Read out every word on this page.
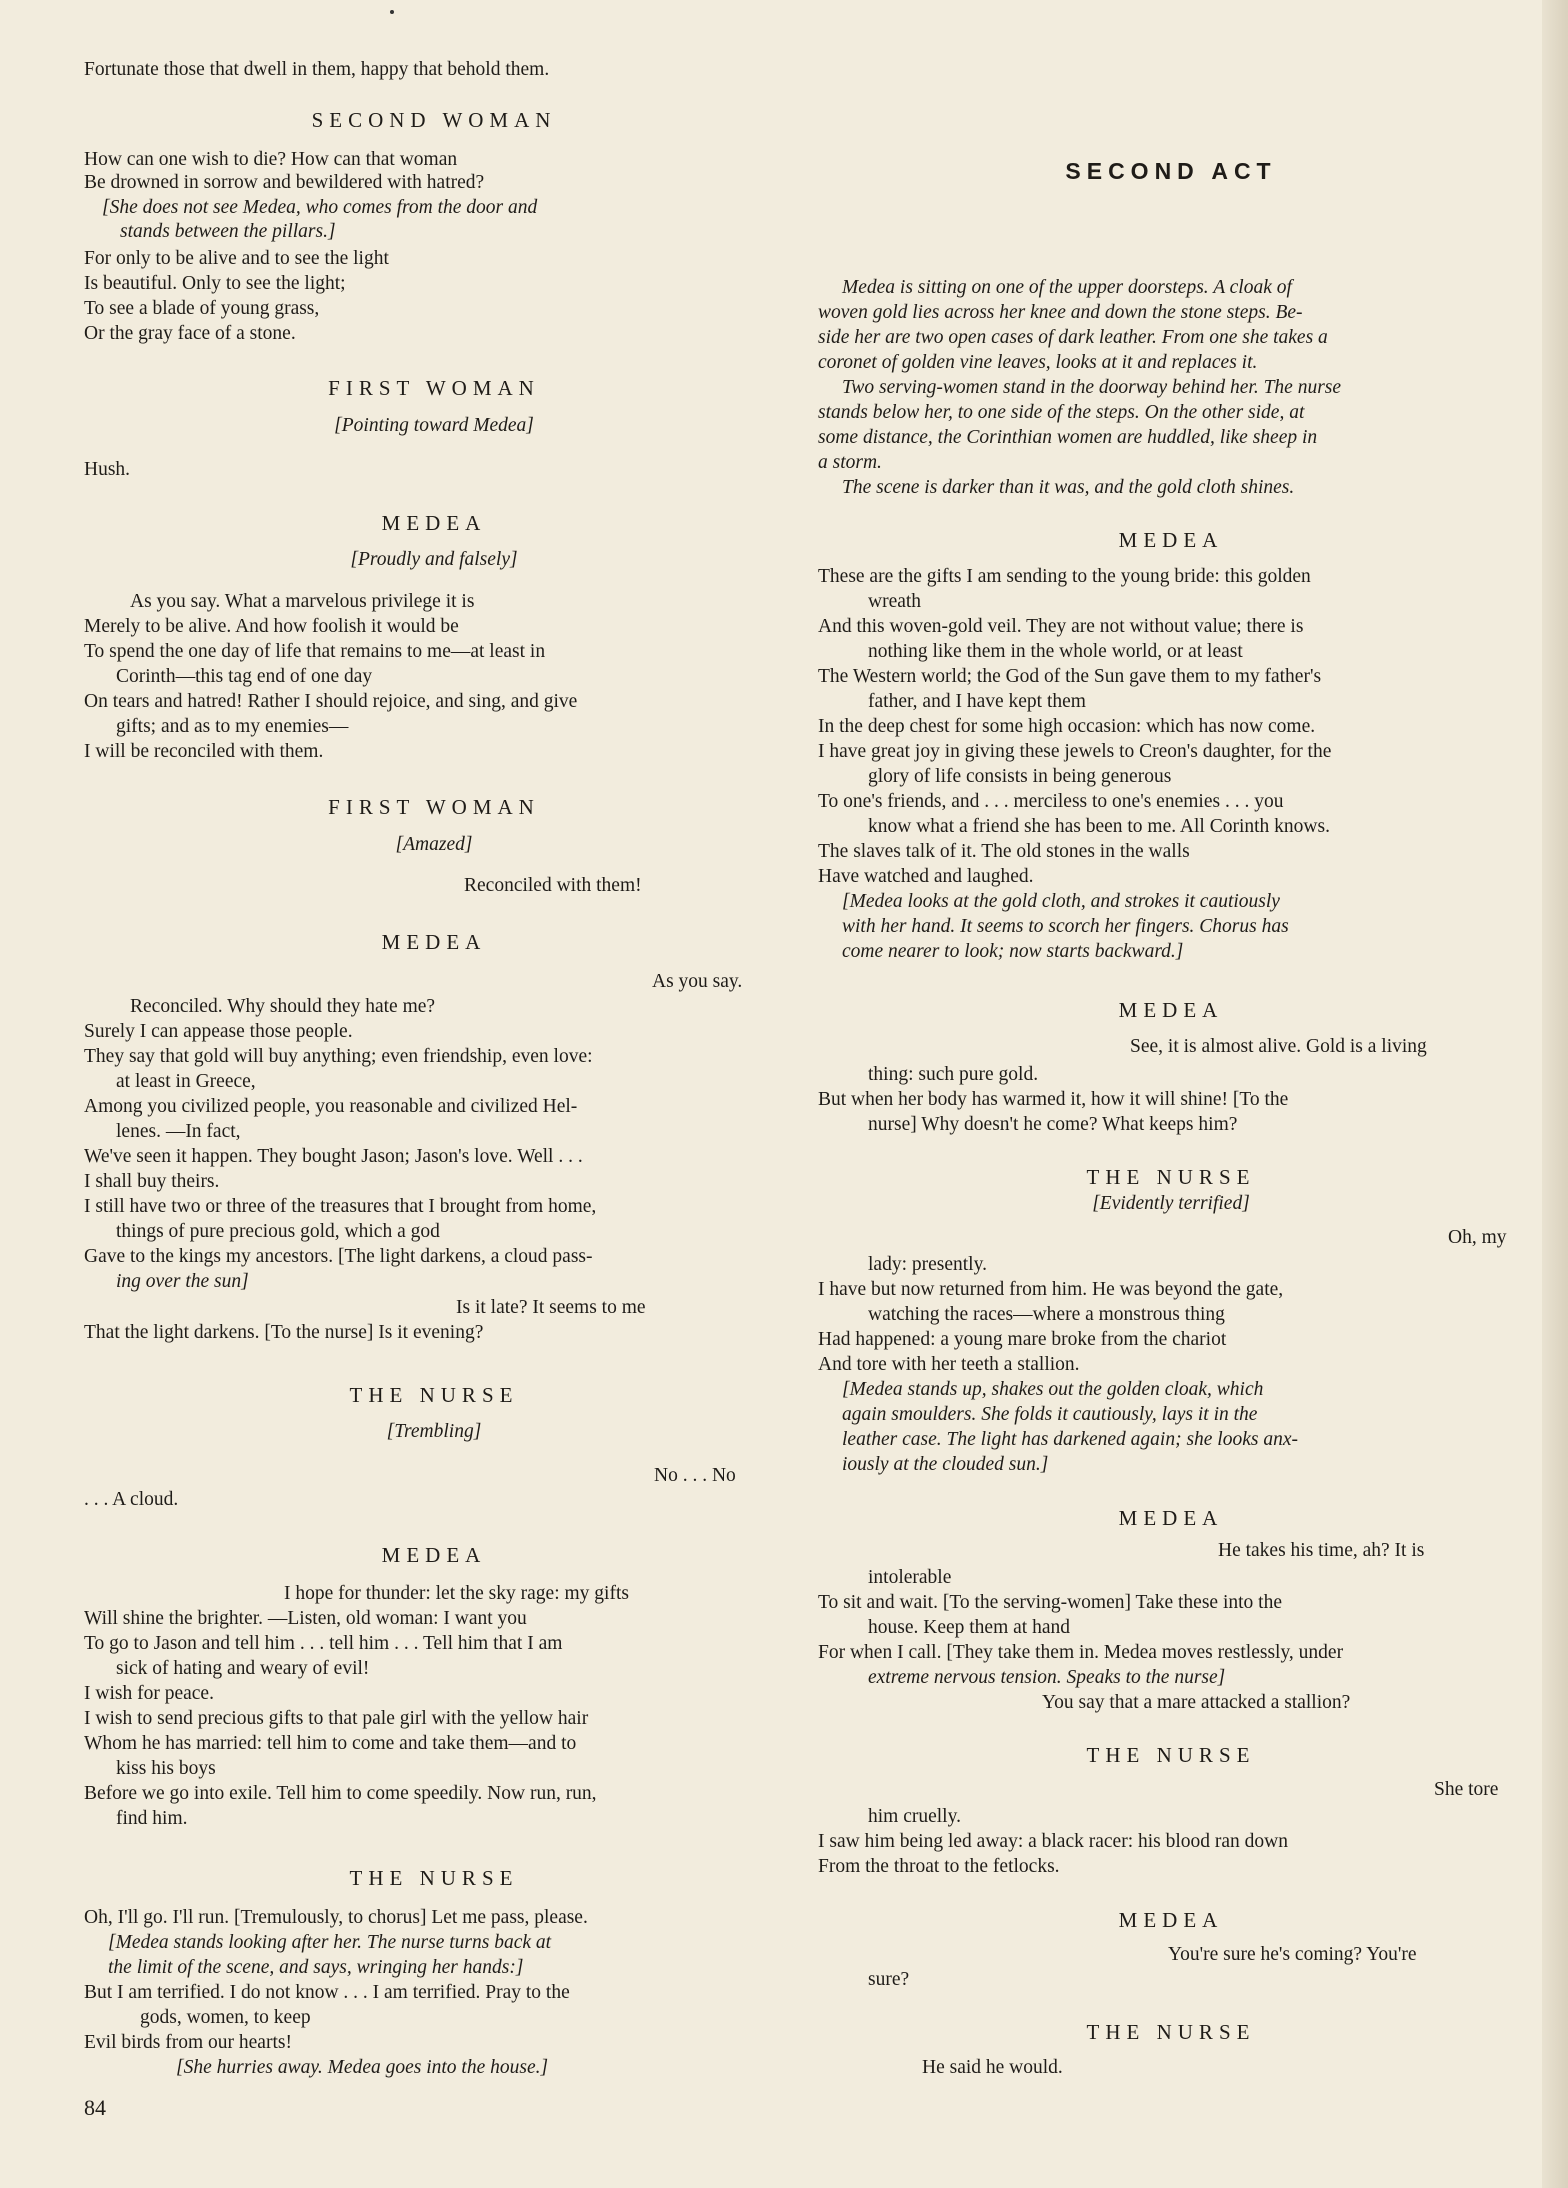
Fortunate those that dwell in them, happy that behold them.
SECOND WOMAN
How can one wish to die? How can that woman
Be drowned in sorrow and bewildered with hatred?
[She does not see Medea, who comes from the door and
stands between the pillars.]
For only to be alive and to see the light
Is beautiful. Only to see the light;
To see a blade of young grass,
Or the gray face of a stone.
FIRST WOMAN
[Pointing toward Medea]
Hush.
MEDEA
[Proudly and falsely]
As you say. What a marvelous privilege it is
Merely to be alive. And how foolish it would be
To spend the one day of life that remains to me—at least in
Corinth—this tag end of one day
On tears and hatred! Rather I should rejoice, and sing, and give
gifts; and as to my enemies—
I will be reconciled with them.
FIRST WOMAN
[Amazed]
Reconciled with them!
MEDEA
As you say.
Reconciled. Why should they hate me?
Surely I can appease those people.
They say that gold will buy anything; even friendship, even love:
at least in Greece,
Among you civilized people, you reasonable and civilized Hel-
lenes. —In fact,
We've seen it happen. They bought Jason; Jason's love. Well . . .
I shall buy theirs.
I still have two or three of the treasures that I brought from home,
things of pure precious gold, which a god
Gave to the kings my ancestors. [The light darkens, a cloud pass-
ing over the sun]
Is it late? It seems to me
That the light darkens. [To the nurse] Is it evening?
THE NURSE
[Trembling]
No . . . No
. . . A cloud.
MEDEA
I hope for thunder: let the sky rage: my gifts
Will shine the brighter. —Listen, old woman: I want you
To go to Jason and tell him . . . tell him . . . Tell him that I am
sick of hating and weary of evil!
I wish for peace.
I wish to send precious gifts to that pale girl with the yellow hair
Whom he has married: tell him to come and take them—and to
kiss his boys
Before we go into exile. Tell him to come speedily. Now run, run,
find him.
THE NURSE
Oh, I'll go. I'll run. [Tremulously, to chorus] Let me pass, please.
[Medea stands looking after her. The nurse turns back at
the limit of the scene, and says, wringing her hands:]
But I am terrified. I do not know . . . I am terrified. Pray to the
gods, women, to keep
Evil birds from our hearts!
[She hurries away. Medea goes into the house.]
SECOND ACT
Medea is sitting on one of the upper doorsteps. A cloak of
woven gold lies across her knee and down the stone steps. Be-
side her are two open cases of dark leather. From one she takes a
coronet of golden vine leaves, looks at it and replaces it.
Two serving-women stand in the doorway behind her. The nurse
stands below her, to one side of the steps. On the other side, at
some distance, the Corinthian women are huddled, like sheep in
a storm.
The scene is darker than it was, and the gold cloth shines.
MEDEA
These are the gifts I am sending to the young bride: this golden
wreath
And this woven-gold veil. They are not without value; there is
nothing like them in the whole world, or at least
The Western world; the God of the Sun gave them to my father's
father, and I have kept them
In the deep chest for some high occasion: which has now come.
I have great joy in giving these jewels to Creon's daughter, for the
glory of life consists in being generous
To one's friends, and . . . merciless to one's enemies . . . you
know what a friend she has been to me. All Corinth knows.
The slaves talk of it. The old stones in the walls
Have watched and laughed.
[Medea looks at the gold cloth, and strokes it cautiously
with her hand. It seems to scorch her fingers. Chorus has
come nearer to look; now starts backward.]
MEDEA
See, it is almost alive. Gold is a living
thing: such pure gold.
But when her body has warmed it, how it will shine! [To the
nurse] Why doesn't he come? What keeps him?
THE NURSE
[Evidently terrified]
Oh, my
lady: presently.
I have but now returned from him. He was beyond the gate,
watching the races—where a monstrous thing
Had happened: a young mare broke from the chariot
And tore with her teeth a stallion.
[Medea stands up, shakes out the golden cloak, which
again smoulders. She folds it cautiously, lays it in the
leather case. The light has darkened again; she looks anx-
iously at the clouded sun.]
MEDEA
He takes his time, ah? It is
intolerable
To sit and wait. [To the serving-women] Take these into the
house. Keep them at hand
For when I call. [They take them in. Medea moves restlessly, under
extreme nervous tension. Speaks to the nurse]
You say that a mare attacked a stallion?
THE NURSE
She tore
him cruelly.
I saw him being led away: a black racer: his blood ran down
From the throat to the fetlocks.
MEDEA
You're sure he's coming? You're
sure?
THE NURSE
He said he would.
84
